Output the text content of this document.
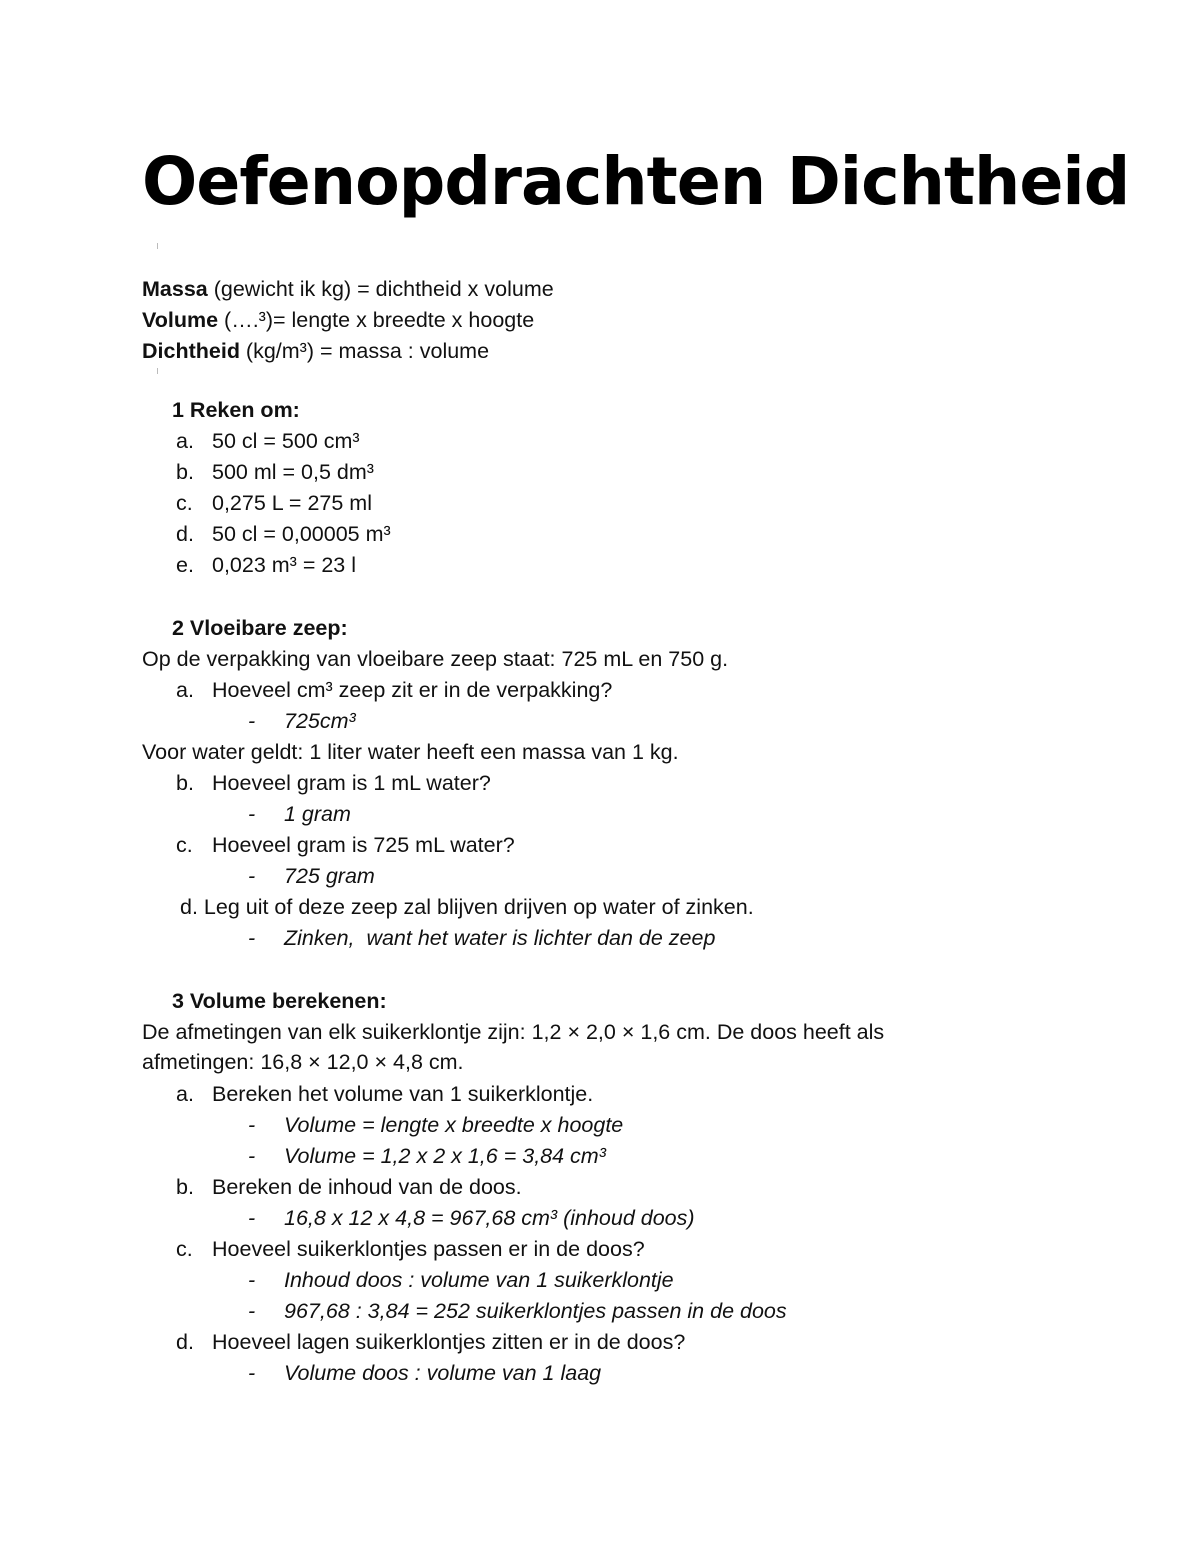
Oefenopdrachten Dichtheid
Massa (gewicht ik kg) = dichtheid x volume
Volume (….³)= lengte x breedte x hoogte
Dichtheid (kg/m³) = massa : volume
1 Reken om:
a. 50 cl = 500 cm³
b. 500 ml = 0,5 dm³
c. 0,275 L = 275 ml
d. 50 cl = 0,00005 m³
e. 0,023 m³ = 23 l
2 Vloeibare zeep:
Op de verpakking van vloeibare zeep staat: 725 mL en 750 g.
a. Hoeveel cm³ zeep zit er in de verpakking?
- 725cm³
Voor water geldt: 1 liter water heeft een massa van 1 kg.
b. Hoeveel gram is 1 mL water?
- 1 gram
c. Hoeveel gram is 725 mL water?
- 725 gram
d. Leg uit of deze zeep zal blijven drijven op water of zinken.
- Zinken,  want het water is lichter dan de zeep
3 Volume berekenen:
De afmetingen van elk suikerklontje zijn: 1,2 × 2,0 × 1,6 cm. De doos heeft als
afmetingen: 16,8 × 12,0 × 4,8 cm.
a. Bereken het volume van 1 suikerklontje.
- Volume = lengte x breedte x hoogte
- Volume = 1,2 x 2 x 1,6 = 3,84 cm³
b. Bereken de inhoud van de doos.
- 16,8 x 12 x 4,8 = 967,68 cm³ (inhoud doos)
c. Hoeveel suikerklontjes passen er in de doos?
- Inhoud doos : volume van 1 suikerklontje
- 967,68 : 3,84 = 252 suikerklontjes passen in de doos
d. Hoeveel lagen suikerklontjes zitten er in de doos?
- Volume doos : volume van 1 laag
